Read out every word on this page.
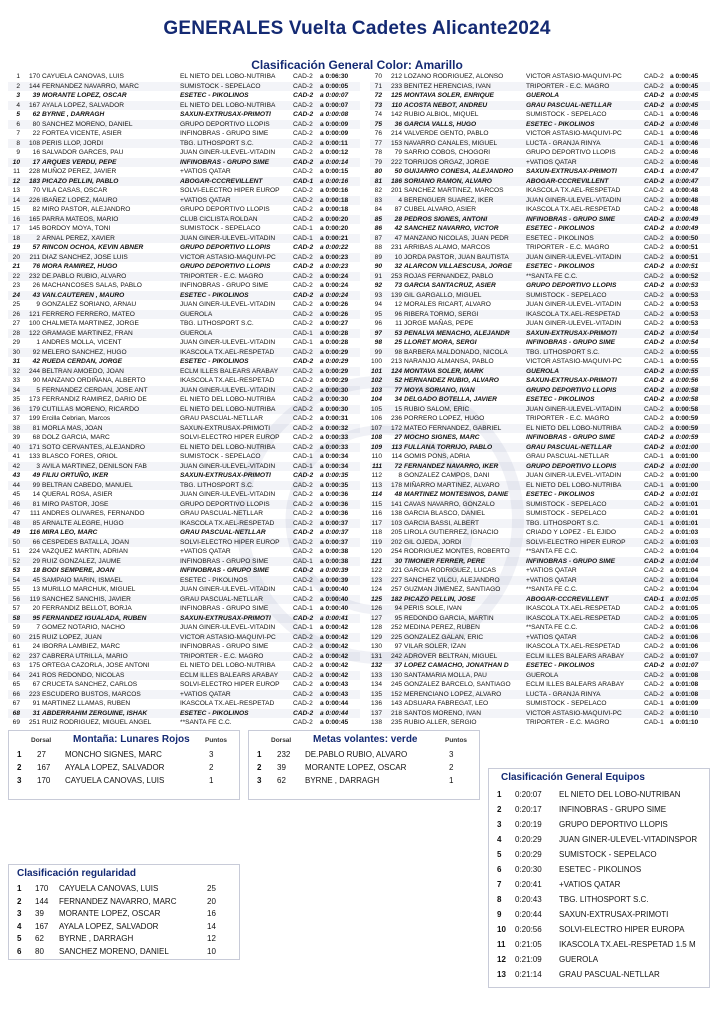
GENERALES Vuelta Cadetes Alicante2024
Clasificación General Color: Amarillo
1	170 CAYUELA CANOVAS, LUIS	EL NIETO DEL LOBO-NUTRIBA	CAD-2	a 0:06:30
2	144 FERNANDEZ NAVARRO, MARC	SUMISTOCK - SEPELACO	CAD-2	a 0:00:05
3	39 MORANTE LOPEZ, OSCAR	ESETEC - PIKOLINOS	CAD-2	a 0:00:07
4	167 AYALA LOPEZ, SALVADOR	EL NIETO DEL LOBO-NUTRIBA	CAD-2	a 0:00:07
5	62 BYRNE , DARRAGH	SAXUN-EXTRUSAX-PRIMOTI	CAD-2	a 0:00:08
6	80 SANCHEZ MORENO, DANIEL	GRUPO DEPORTIVO LLOPIS	CAD-2	a 0:00:09
7	22 FORTEA VICENTE, ASIER	INFINOBRAS - GRUPO SIME	CAD-2	a 0:00:09
8	108 PERIS LLOP, JORDI	TBG. LITHOSPORT S.C.	CAD-2	a 0:00:11
9	16 SALVADOR GARCES, PAU	JUAN GINER-ULEVEL-VITADIN	CAD-2	a 0:00:12
10	17 ARQUES VERDU, PEPE	INFINOBRAS - GRUPO SIME	CAD-2	a 0:00:14
11	228 MUÑOZ PEREZ, JAVIER	+VATIOS QATAR	CAD-2	a 0:00:15
12	183 PICAZO PELLIN, PABLO	ABOGAR-CCCREVILLENT	CAD-1	a 0:00:16
13	70 VILA CASAS, OSCAR	SOLVI-ELECTRO HIPER EUROP	CAD-2	a 0:00:16
14	226 IBAÑEZ LOPEZ, MAURO	+VATIOS QATAR	CAD-2	a 0:00:18
15	82 MIRO PASTOR, ALEJANDRO	GRUPO DEPORTIVO LLOPIS	CAD-2	a 0:00:18
16	165 PARRA MATEOS, MARIO	CLUB CICLISTA ROLDAN	CAD-2	a 0:00:20
17	145 BORDOY MOYA, TONI	SUMISTOCK - SEPELACO	CAD-1	a 0:00:20
18	2 ARNAL PEREZ, XAVIER	JUAN GINER-ULEVEL-VITADIN	CAD-1	a 0:00:21
19	57 RINCON OCHOA, KEVIN ABNER	GRUPO DEPORTIVO LLOPIS	CAD-2	a 0:00:22
20	211 DIAZ SANCHEZ, JOSE LUIS	VICTOR ASTASIO-MAQUIVI-PC	CAD-2	a 0:00:23
21	76 MORA RAMIREZ, HUGO	GRUPO DEPORTIVO LLOPIS	CAD-2	a 0:00:23
22	232 DE.PABLO RUBIO, ALVARO	TRIPORTER - E.C. MAGRO	CAD-2	a 0:00:24
23	26 MACHANCOSES SALAS, PABLO	INFINOBRAS - GRUPO SIME	CAD-2	a 0:00:24
24	43 VAN.CAUTEREN , MAURO	ESETEC - PIKOLINOS	CAD-2	a 0:00:24
25	9 GONZALEZ SORIANO, ARNAU	JUAN GINER-ULEVEL-VITADIN	CAD-2	a 0:00:26
26	121 FERRERO FERRERO, MATEO	GUEROLA	CAD-2	a 0:00:26
27	100 CHALMETA MARTINEZ, JORGE	TBG. LITHOSPORT S.C.	CAD-2	a 0:00:27
28	122 GRAMAGE MARTINEZ, FRAN	GUEROLA	CAD-1	a 0:00:28
29	1 ANDRES MOLLA, VICENT	JUAN GINER-ULEVEL-VITADIN	CAD-1	a 0:00:28
30	92 MELERO SANCHEZ, HUGO	IKASCOLA TX.AEL-RESPETAD	CAD-2	a 0:00:29
31	42 RUEDA CERDAN, JORGE	ESETEC - PIKOLINOS	CAD-2	a 0:00:29
32	244 BELTRAN AMOEDO, JOAN	ECLM ILLES BALEARS ARABAY	CAD-2	a 0:00:29
33	90 MANZANO ORDIÑANA, ALBERTO	IKASCOLA TX.AEL-RESPETAD	CAD-2	a 0:00:29
34	5 FERNANDEZ CERDAN, JOSE ANT	JUAN GINER-ULEVEL-VITADIN	CAD-2	a 0:00:30
35	173 FERRANDIZ RAMIREZ, DARIO DE	EL NIETO DEL LOBO-NUTRIBA	CAD-2	a 0:00:30
36	179 CUTILLAS MORENO, RICARDO	EL NIETO DEL LOBO-NUTRIBA	CAD-2	a 0:00:30
37	199 Ercilla Cebrian, Marcos	GRAU PASCUAL-NETLLAR	CAD-2	a 0:00:31
38	81 MORLA MAS, JOAN	SAXUN-EXTRUSAX-PRIMOTI	CAD-2	a 0:00:32
39	68 DOLZ GARCIA, MARC	SOLVI-ELECTRO HIPER EUROP	CAD-2	a 0:00:33
40	171 SOTO CERVANTES, ALEJANDRO	EL NIETO DEL LOBO-NUTRIBA	CAD-2	a 0:00:33
41	133 BLASCO FORES, ORIOL	SUMISTOCK - SEPELACO	CAD-1	a 0:00:34
42	3 AVILA MARTINEZ, DENILSON FAB	JUAN GINER-ULEVEL-VITADIN	CAD-1	a 0:00:34
43	49 FILIU ORTUÑO, IKER	SAXUN-EXTRUSAX-PRIMOTI	CAD-2	a 0:00:35
44	99 BELTRAN CABEDO, MANUEL	TBG. LITHOSPORT S.C.	CAD-2	a 0:00:35
45	14 QUERAL ROSA, ASIER	JUAN GINER-ULEVEL-VITADIN	CAD-2	a 0:00:36
46	81 MIRO PASTOR, JOSE	GRUPO DEPORTIVO LLOPIS	CAD-2	a 0:00:36
47	111 ANDRES OLIVARES, FERNANDO	GRAU PASCUAL-NETLLAR	CAD-2	a 0:00:36
48	85 ARNALTE ALEGRE, HUGO	IKASCOLA TX.AEL-RESPETAD	CAD-2	a 0:00:37
49	116 MIRA LEO, MARC	GRAU PASCUAL-NETLLAR	CAD-2	a 0:00:37
50	66 CESPEDES BATALLA, JOAN	SOLVI-ELECTRO HIPER EUROP	CAD-2	a 0:00:37
51	224 VAZQUEZ MARTIN, ADRIAN	+VATIOS QATAR	CAD-2	a 0:00:38
52	29 RUIZ GONZALEZ, JAUME	INFINOBRAS - GRUPO SIME	CAD-1	a 0:00:38
53	18 BODI SEMPERE, JOAN	INFINOBRAS - GRUPO SIME	CAD-2	a 0:00:39
54	45 SAMPAIO MARIN, ISMAEL	ESETEC - PIKOLINOS	CAD-2	a 0:00:39
55	13 MURILLO MARCHUK, MIGUEL	JUAN GINER-ULEVEL-VITADIN	CAD-1	a 0:00:40
56	119 SANCHEZ SANCHIS, JAVIER	GRAU PASCUAL-NETLLAR	CAD-2	a 0:00:40
57	20 FERRANDIZ BELLOT, BORJA	INFINOBRAS - GRUPO SIME	CAD-1	a 0:00:40
58	95 FERNANDEZ IGUALADA, RUBEN	SAXUN-EXTRUSAX-PRIMOTI	CAD-2	a 0:00:41
59	7 GOMEZ NOTARIO, NACHO	JUAN GINER-ULEVEL-VITADIN	CAD-1	a 0:00:42
60	215 RUIZ LOPEZ, JUAN	VICTOR ASTASIO-MAQUIVI-PC	CAD-2	a 0:00:42
61	24 IBORRA LAMBIEZ, MARC	INFINOBRAS - GRUPO SIME	CAD-2	a 0:00:42
62	237 CABRERA UTRILLA, MARIO	TRIPORTER - E.C. MAGRO	CAD-2	a 0:00:42
63	175 ORTEGA CAZORLA, JOSE ANTONI	EL NIETO DEL LOBO-NUTRIBA	CAD-2	a 0:00:42
64	241 ROS REDONDO, NICOLAS	ECLM ILLES BALEARS ARABAY	CAD-2	a 0:00:42
65	67 CRUCETA SANCHEZ, CARLOS	SOLVI-ELECTRO HIPER EUROP	CAD-2	a 0:00:43
66	223 ESCUDERO BUSTOS, MARCOS	+VATIOS QATAR	CAD-2	a 0:00:43
67	91 MARTINEZ LLAMAS, RUBEN	IKASCOLA TX.AEL-RESPETAD	CAD-2	a 0:00:44
68	31 ABDERRAHIM ZERGUINE, ISHAK	ESETEC - PIKOLINOS	CAD-2	a 0:00:44
69	251 RUIZ RODRIGUEZ, MIGUEL ANGEL	**SANTA FE C.C.	CAD-2	a 0:00:45
70	212 LOZANO RODRIGUEZ, ALONSO	VICTOR ASTASIO-MAQUIVI-PC	CAD-2 a 0:00:45
71	233 BENITEZ HERENCIAS, IVAN	TRIPORTER - E.C. MAGRO	CAD-2 a 0:00:45
72	125 MONTAVA SOLER, ENRIQUE	GUEROLA	CAD-2 a 0:00:45
73	110 ACOSTA NEBOT, ANDREU	GRAU PASCUAL-NETLLAR	CAD-2 a 0:00:45
74	142 RUBIO ALBIOL, MIQUEL	SUMISTOCK - SEPELACO	CAD-1 a 0:00:46
75	36 GARCIA VALLS, HUGO	ESETEC - PIKOLINOS	CAD-2 a 0:00:46
76	214 VALVERDE GENTO, PABLO	VICTOR ASTASIO-MAQUIVI-PC	CAD-1 a 0:00:46
77	153 NAVARRO CANALES, MIGUEL	LUCTA - GRANJA RINYA	CAD-1 a 0:00:46
78	79 SARRIO COBOS, CHOGORI	GRUPO DEPORTIVO LLOPIS	CAD-2 a 0:00:46
79	222 TORRIJOS ORGAZ, JORGE	+VATIOS QATAR	CAD-2 a 0:00:46
80	50 GUIJARRO CONESA, ALEJANDRO	SAXUN-EXTRUSAX-PRIMOTI	CAD-1 a 0:00:47
81	186 SORIANO RAMON, ALVARO	ABOGAR-CCCREVILLENT	CAD-2 a 0:00:47
82	201 SANCHEZ MARTINEZ, MARCOS	IKASCOLA TX.AEL-RESPETAD	CAD-2 a 0:00:48
83	4 BERENGUER SUAREZ, IKER	JUAN GINER-ULEVEL-VITADIN	CAD-2 a 0:00:48
84	87 CUBEL ALVARO, ASIER	IKASCOLA TX.AEL-RESPETAD	CAD-2 a 0:00:48
85	28 PEDROS SIGNES, ANTONI	INFINOBRAS - GRUPO SIME	CAD-2 a 0:00:49
86	42 SANCHEZ NAVARRO, VICTOR	ESETEC - PIKOLINOS	CAD-2 a 0:00:49
87	47 MANZANO NICOLAS, JUAN PEDR	ESETEC - PIKOLINOS	CAD-2 a 0:00:50
88	231 ARRIBAS ALAMO, MARCOS	TRIPORTER - E.C. MAGRO	CAD-2 a 0:00:51
89	10 JORDA PASTOR, JUAN BAUTISTA	JUAN GINER-ULEVEL-VITADIN	CAD-2 a 0:00:51
90	32 ALARCON VILLAESCUSA, JORGE	ESETEC - PIKOLINOS	CAD-2 a 0:00:51
91	253 ROJAS FERNANDEZ, PABLO	**SANTA FE C.C.	CAD-2 a 0:00:52
92	73 GARCIA SANTACRUZ, ASIER	GRUPO DEPORTIVO LLOPIS	CAD-2 a 0:00:53
93	139 GIL GARGALLO, MIGUEL	SUMISTOCK - SEPELACO	CAD-2 a 0:00:53
94	12 MORALES RICART, ALVARO	JUAN GINER-ULEVEL-VITADIN	CAD-2 a 0:00:53
95	96 RIBERA TORMO, SERGI	IKASCOLA TX.AEL-RESPETAD	CAD-2 a 0:00:53
96	11 JORGE MAÑAS, PEPE	JUAN GINER-ULEVEL-VITADIN	CAD-2 a 0:00:53
97	53 PENALVA MENACHO, ALEJANDR	SAXUN-EXTRUSAX-PRIMOTI	CAD-2 a 0:00:54
98	25 LLORET MORA, SERGI	INFINOBRAS - GRUPO SIME	CAD-2 a 0:00:54
99	98 BARBERA MALDONADO, NICOLA	TBG. LITHOSPORT S.C.	CAD-2 a 0:00:55
100	213 NARANJO ALMANSA, PABLO	VICTOR ASTASIO-MAQUIVI-PC	CAD-1 a 0:00:55
101	124 MONTAVA SOLER, MARK	GUEROLA	CAD-2 a 0:00:55
102	52 HERNANDEZ RUBIO, ALVARO	SAXUN-EXTRUSAX-PRIMOTI	CAD-2 a 0:00:56
103	77 MOYA SORIANO, IVAN	GRUPO DEPORTIVO LLOPIS	CAD-2 a 0:00:58
104	34 DELGADO BOTELLA, JAVIER	ESETEC - PIKOLINOS	CAD-2 a 0:00:58
105	15 RUBIO SALOM, ERIC	JUAN GINER-ULEVEL-VITADIN	CAD-2 a 0:00:58
106	236 PORRERO LOPEZ, HUGO	TRIPORTER - E.C. MAGRO	CAD-2 a 0:00:59
107	172 MATEO FERNANDEZ, GABRIEL	EL NIETO DEL LOBO-NUTRIBA	CAD-2 a 0:00:59
108	27 MOCHO SIGNES, MARC	INFINOBRAS - GRUPO SIME	CAD-2 a 0:00:59
109	113 FULLANA TORRIJO, PABLO	GRAU PASCUAL-NETLLAR	CAD-2 a 0:01:00
110	114 GOMIS PONS, ADRIA	GRAU PASCUAL-NETLLAR	CAD-1 a 0:01:00
111	72 FERNANDEZ NAVARRO, IKER	GRUPO DEPORTIVO LLOPIS	CAD-2 a 0:01:00
112	8 GONZALEZ CAMPOS, DANI	JUAN GINER-ULEVEL-VITADIN	CAD-2 a 0:01:00
113	178 MIÑARRO MARTINEZ, ALVARO	EL NIETO DEL LOBO-NUTRIBA	CAD-1 a 0:01:00
114	48 MARTINEZ MONTESINOS, DANIE	ESETEC - PIKOLINOS	CAD-2 a 0:01:01
115	141 CAVAS NAVARRO, GONZALO	SUMISTOCK - SEPELACO	CAD-2 a 0:01:01
116	138 GARCIA BLASCO, DANIEL	SUMISTOCK - SEPELACO	CAD-2 a 0:01:01
117	103 GARCIA BASSI, ALBERT	TBG. LITHOSPORT S.C.	CAD-1 a 0:01:01
118	205 LIROLA GUTIERREZ, IGNACIO	CRIADO Y LOPEZ - EL EJIDO	CAD-2 a 0:01:03
119	202 GIL OJEDA, JORDI	SOLVI-ELECTRO HIPER EUROP	CAD-2 a 0:01:03
120	254 RODRIGUEZ MONTES, ROBERTO	**SANTA FE C.C.	CAD-2 a 0:01:04
121	30 TIMONER FERRER, PERE	INFINOBRAS - GRUPO SIME	CAD-2 a 0:01:04
122	221 GARCIA RODRIGUEZ, LUCAS	+VATIOS QATAR	CAD-2 a 0:01:04
123	227 SANCHEZ VILCU, ALEJANDRO	+VATIOS QATAR	CAD-2 a 0:01:04
124	257 GUZMAN JIMENEZ, SANTIAGO	**SANTA FE C.C.	CAD-2 a 0:01:04
125	182 PICAZO PELLIN, JOSE	ABOGAR-CCCREVILLENT	CAD-1 a 0:01:05
126	94 PERIS SOLE, IVAN	IKASCOLA TX.AEL-RESPETAD	CAD-2 a 0:01:05
127	95 REDONDO GARCIA, MARTIN	IKASCOLA TX.AEL-RESPETAD	CAD-2 a 0:01:05
128	252 MEDINA PEREZ, RUBEN	**SANTA FE C.C.	CAD-2 a 0:01:06
129	225 GONZALEZ GALAN, ERIC	+VATIOS QATAR	CAD-2 a 0:01:06
130	97 VILAR SOLER, IZAN	IKASCOLA TX.AEL-RESPETAD	CAD-2 a 0:01:06
131	242 ADROVER BELTRAN, MIGUEL	ECLM ILLES BALEARS ARABAY	CAD-2 a 0:01:07
132	37 LOPEZ CAMACHO, JONATHAN D	ESETEC - PIKOLINOS	CAD-2 a 0:01:07
133	130 SANTAMARIA MOLLA, PAU	GUEROLA	CAD-2 a 0:01:08
134	245 GONZALEZ BARCELO, SANTIAGO	ECLM ILLES BALEARS ARABAY	CAD-2 a 0:01:08
135	152 MERENCIANO LOPEZ, ALVARO	LUCTA - GRANJA RINYA	CAD-2 a 0:01:08
136	143 ADSUARA FABREGAT, LEO	SUMISTOCK - SEPELACO	CAD-1 a 0:01:09
137	218 SANTOS MORENO, IVAN	VICTOR ASTASIO-MAQUIVI-PC	CAD-2 a 0:01:10
138	235 RUBIO ALLER, SERGIO	TRIPORTER - E.C. MAGRO	CAD-1 a 0:01:10
Dorsal Montaña: Lunares Rojos Puntos
1 27 MONCHO SIGNES, MARC	3
2 167 AYALA LOPEZ, SALVADOR	2
3 170 CAYUELA CANOVAS, LUIS	1
Dorsal Metas volantes: verde	Puntos
1 232 DE.PABLO RUBIO, ALVARO	3
2 39 MORANTE LOPEZ, OSCAR	2
3 62 BYRNE , DARRAGH	1
Clasificación regularidad
1 170 CAYUELA CANOVAS, LUIS	25
2 144 FERNANDEZ NAVARRO, MARC	20
3 39 MORANTE LOPEZ, OSCAR	16
4 167 AYALA LOPEZ, SALVADOR	14
5 62 BYRNE , DARRAGH	12
6 80 SANCHEZ MORENO, DANIEL	10
Clasificación General Equipos
1 0:20:07 EL NIETO DEL LOBO-NUTRIBAN
2 0:20:17 INFINOBRAS - GRUPO SIME
3 0:20:19 GRUPO DEPORTIVO LLOPIS
4 0:20:29 JUAN GINER-ULEVEL-VITADINSPOR
5 0:20:29 SUMISTOCK - SEPELACO
6 0:20:30 ESETEC - PIKOLINOS
7 0:20:41 +VATIOS QATAR
8 0:20:43 TBG. LITHOSPORT S.C.
9 0:20:44 SAXUN-EXTRUSAX-PRIMOTI
10 0:20:56 SOLVI-ELECTRO HIPER EUROPA
11 0:21:05 IKASCOLA TX.AEL-RESPETAD 1.5 M
12 0:21:09 GUEROLA
13 0:21:14 GRAU PASCUAL-NETLLAR
